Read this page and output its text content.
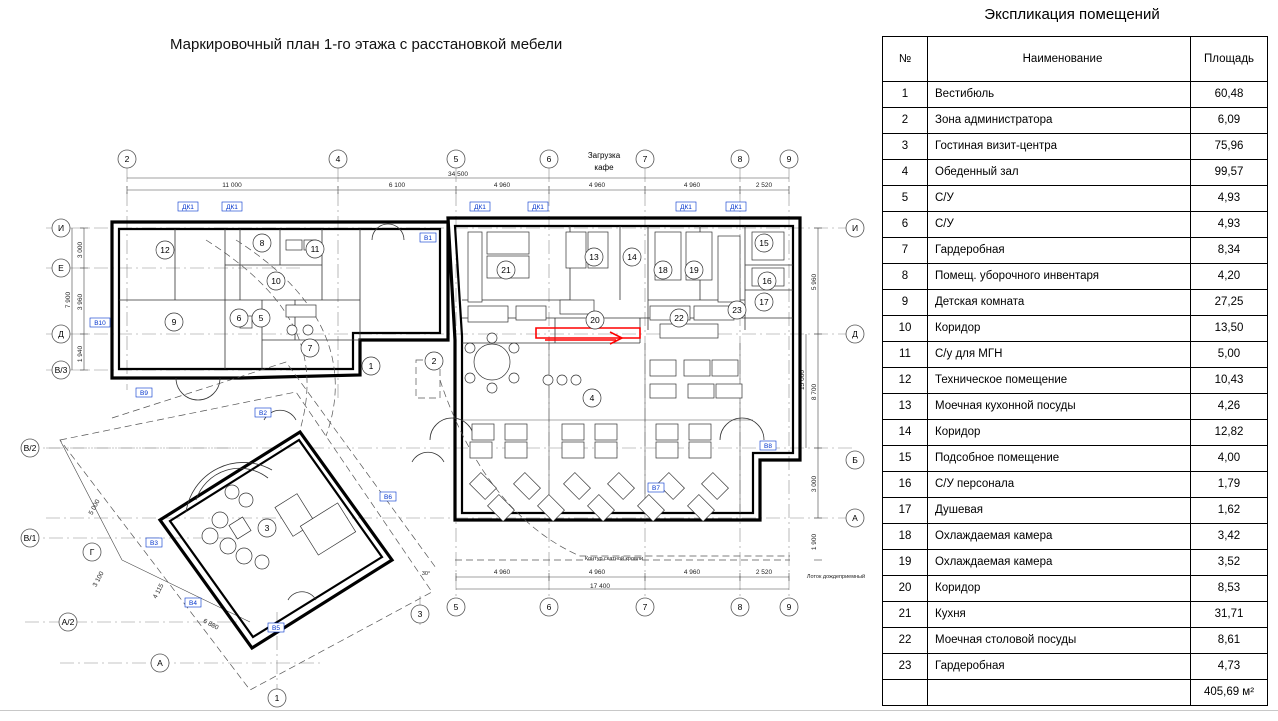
Маркировочный план 1-го этажа с расстановкой мебели
2	4	5	6	7	8	9
3
5	6	7	8	9
1
И
Е
Д
В/3
В/2
В/1
Г
А/2
А
И
Д
Б
А
11 000	6 100	4 960	4 960	4 960	2 520
34 500
4 960	4 960	4 960	2 520
17 400
3 000
3 960
1 940
7 900
5 960
8 700
3 000
1 900
15 000
5 000
3 100
4 115
6 880
3
1	2
4
5
6
7
8
9
10
11
12
13	14
15
16
17
18	19
20
21
22
23
ДК1	ДК1	ДК1	ДК1	ДК1	ДК1
В1
В2
В3
В4
В5
В6
В7
В8
В9
В10
Загрузка
кафе
Контур скатной кровли
Лоток дождеприемный
30°
Экспликация помещений
№	Наименование	Площадь
1	Вестибюль	60,48
2	Зона администратора	6,09
3	Гостиная визит-центра	75,96
4	Обеденный зал	99,57
5	С/У	4,93
6	С/У	4,93
7	Гардеробная	8,34
8	Помещ. уборочного инвентаря	4,20
9	Детская комната	27,25
10	Коридор	13,50
11	С/у для МГН	5,00
12	Техническое помещение	10,43
13	Моечная кухонной посуды	4,26
14	Коридор	12,82
15	Подсобное помещение	4,00
16	С/У персонала	1,79
17	Душевая	1,62
18	Охлаждаемая камера	3,42
19	Охлаждаемая камера	3,52
20	Коридор	8,53
21	Кухня	31,71
22	Моечная столовой посуды	8,61
23	Гардеробная	4,73
		405,69 м²
